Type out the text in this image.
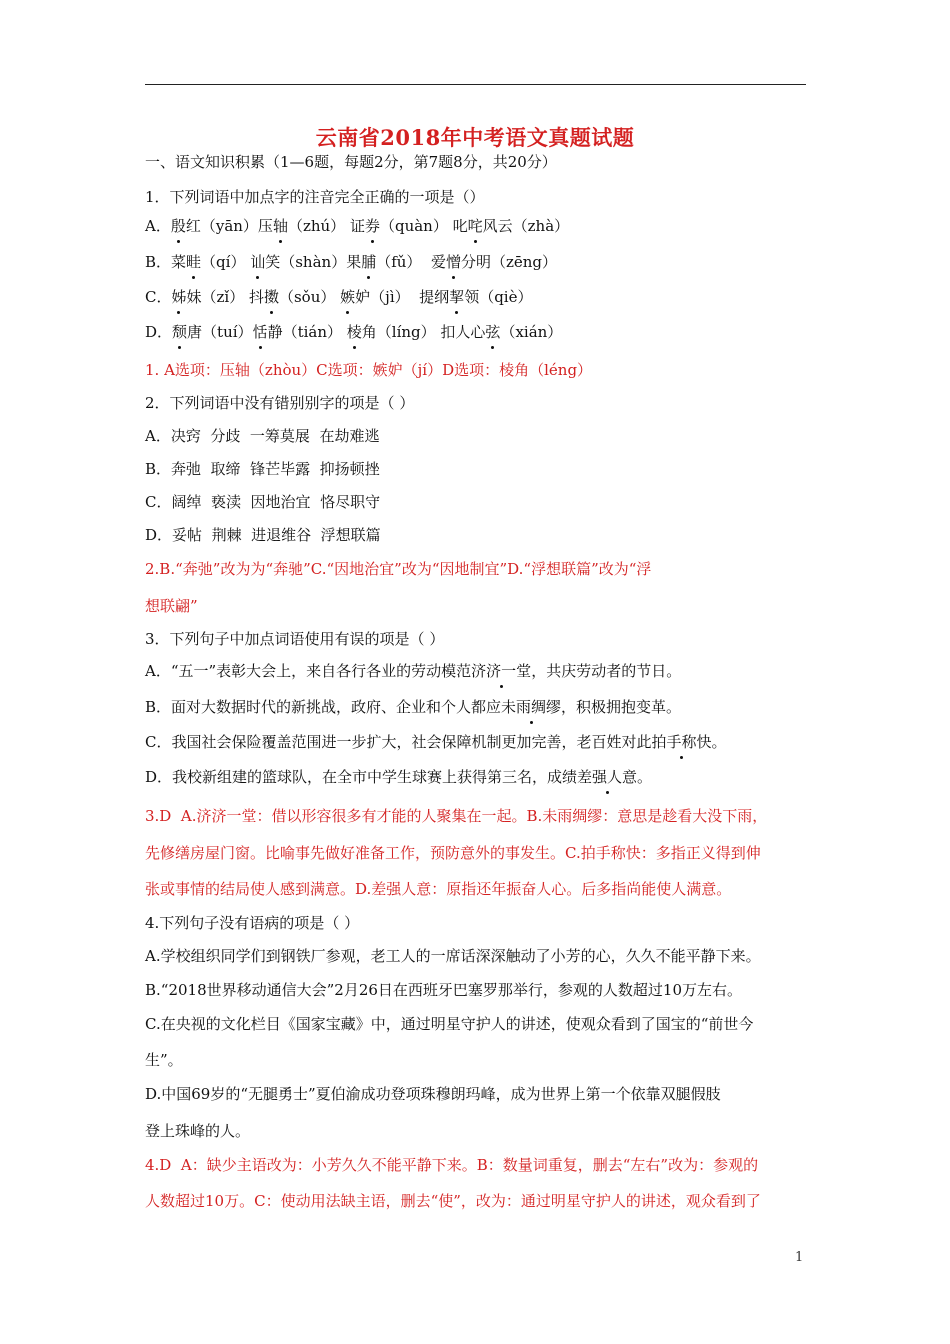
云南省2018年中考语文真题试题
一、语文知识积累（1—6题，每题2分，第7题8分，共20分）
1．下列词语中加点字的注音完全正确的一项是（）
A．殷红（yān）压轴（zhú） 证券（quàn） 叱咤风云（zhà）
B．菜畦（qí） 讪笑（shàn）果脯（fǔ）  爱憎分明（zēng）
C．姊妹（zǐ） 抖擞（sǒu） 嫉妒（jì）  提纲挈领（qiè）
D．颓唐（tuí）恬静（tián） 棱角（líng） 扣人心弦（xián）
1. A选项：压轴（zhòu）C选项：嫉妒（jí）D选项：棱角（léng）
2．下列词语中没有错别别字的项是（ ）
A．决窍  分歧  一筹莫展  在劫难逃
B．奔弛  取缔  锋芒毕露  抑扬顿挫
C．阔绰  亵渎  因地治宜  恪尽职守
D．妥帖  荆棘  进退维谷  浮想联篇
2.B.“奔弛”改为为“奔驰”C.“因地治宜”改为“因地制宜”D.“浮想联篇”改为“浮
想联翩”
3．下列句子中加点词语使用有误的项是（ ）
A．“五一”表彰大会上，来自各行各业的劳动模范济济一堂，共庆劳动者的节日。
B．面对大数据时代的新挑战，政府、企业和个人都应未雨绸缪，积极拥抱变革。
C．我国社会保险覆盖范围进一步扩大，社会保障机制更加完善，老百姓对此拍手称快。
D．我校新组建的篮球队，在全市中学生球赛上获得第三名，成绩差强人意。
3.D  A.济济一堂：借以形容很多有才能的人聚集在一起。B.未雨绸缪：意思是趁看大没下雨，
先修缮房屋门窗。比喻事先做好准备工作，预防意外的事发生。C.拍手称快：多指正义得到伸
张或事情的结局使人感到满意。D.差强人意：原指还年振奋人心。后多指尚能使人满意。
4.下列句子没有语病的项是（ ）
A.学校组织同学们到钢铁厂参观，老工人的一席话深深触动了小芳的心，久久不能平静下来。
B.“2018世界移动通信大会”2月26日在西班牙巴塞罗那举行，参观的人数超过10万左右。
C.在央视的文化栏目《国家宝藏》中，通过明星守护人的讲述，使观众看到了国宝的“前世今
生”。
D.中国69岁的“无腿勇士”夏伯渝成功登项珠穆朗玛峰，成为世界上第一个依靠双腿假肢
登上珠峰的人。
4.D  A：缺少主语改为：小芳久久不能平静下来。B：数量词重复，删去“左右”改为：参观的
人数超过10万。C：使动用法缺主语，删去“使”，改为：通过明星守护人的讲述，观众看到了
1
